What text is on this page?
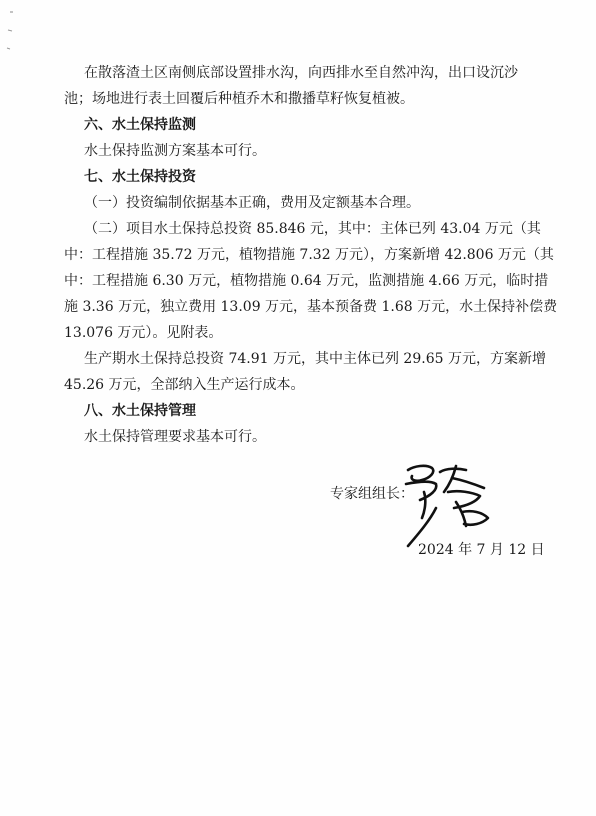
在散落渣土区南侧底部设置排水沟，向西排水至自然冲沟，出口设沉沙
池；场地进行表土回覆后种植乔木和撒播草籽恢复植被。

六、水土保持监测

水土保持监测方案基本可行。

七、水土保持投资

（一）投资编制依据基本正确，费用及定额基本合理。

（二）项目水土保持总投资 85.846 元，其中：主体已列 43.04 万元（其
中：工程措施 35.72 万元，植物措施 7.32 万元），方案新增 42.806 万元（其
中：工程措施 6.30 万元，植物措施 0.64 万元，监测措施 4.66 万元，临时措
施 3.36 万元，独立费用 13.09 万元，基本预备费 1.68 万元，水土保持补偿费
13.076 万元）。见附表。

生产期水土保持总投资 74.91 万元，其中主体已列 29.65 万元，方案新增
45.26 万元，全部纳入生产运行成本。

八、水土保持管理

水土保持管理要求基本可行。

专家组组长：
2024 年 7 月 12 日
